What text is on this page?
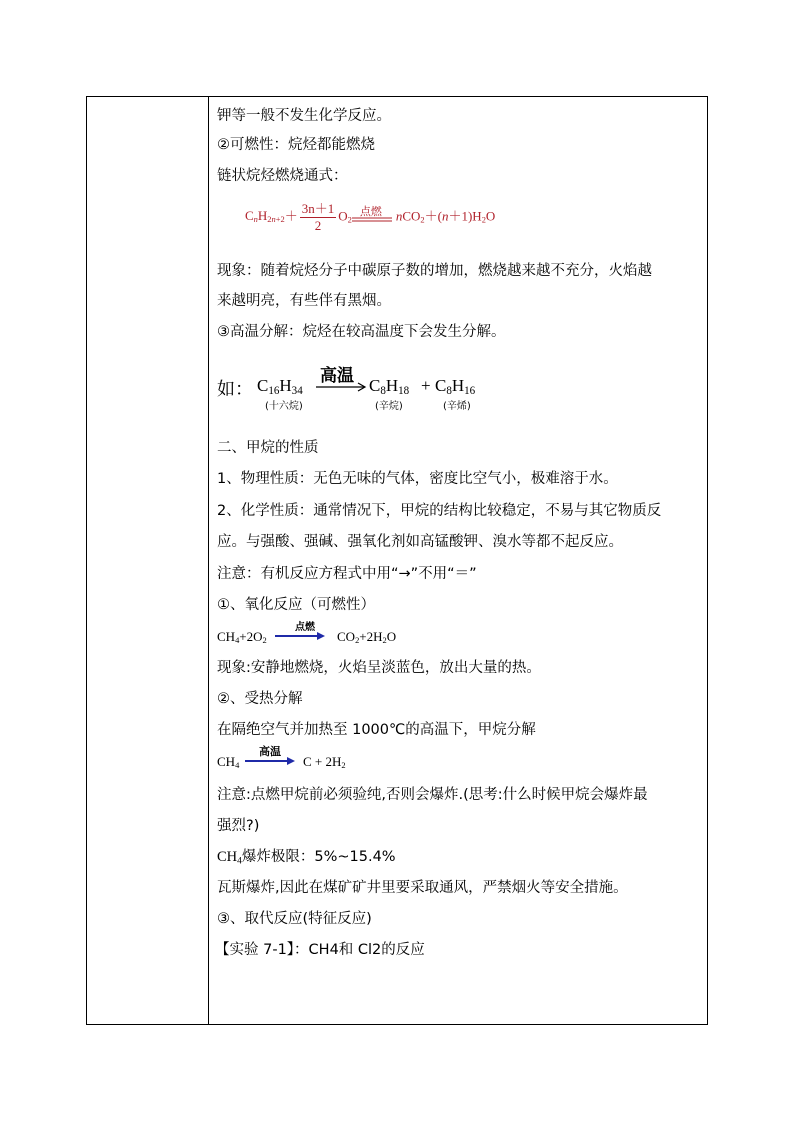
钾等一般不发生化学反应。
②可燃性：烷烃都能燃烧
链状烷烃燃烧通式：
$C_nH_{2n+2}+ \frac{3n+1}{2} O_2$
点燃 $nCO_2+(n+1)H_2O$
现象：随着烷烃分子中碳原子数的增加，燃烧越来越不充分，火焰越
来越明亮，有些伴有黑烟。
③高温分解：烷烃在较高温度下会发生分解。
如： $C_{16}H_{34}$
(十六烷)
高温 $C_8H_{18}$
(辛烷)
+ $C_8H_{16}$
(辛烯)
二、甲烷的性质
1、物理性质：无色无味的气体，密度比空气小，极难溶于水。
2、化学性质：通常情况下，甲烷的结构比较稳定，不易与其它物质反
应。与强酸、强碱、强氧化剂如高锰酸钾、溴水等都不起反应。
注意：有机反应方程式中用“→”不用“＝”
①、氧化反应（可燃性）
$CH_4+2O_2$
点燃
$CO_2+2H_2O$
现象:安静地燃烧，火焰呈淡蓝色，放出大量的热。
②、受热分解
在隔绝空气并加热至 1000℃的高温下，甲烷分解
$CH_4$
高温
$C + 2H_2$
注意:点燃甲烷前必须验纯,否则会爆炸.(思考:什么时候甲烷会爆炸最
强烈?)
$CH_4$爆炸极限：5%~15.4%
瓦斯爆炸,因此在煤矿矿井里要采取通风，严禁烟火等安全措施。
③、取代反应(特征反应)
【实验 7-1】：CH4和 Cl2的反应
